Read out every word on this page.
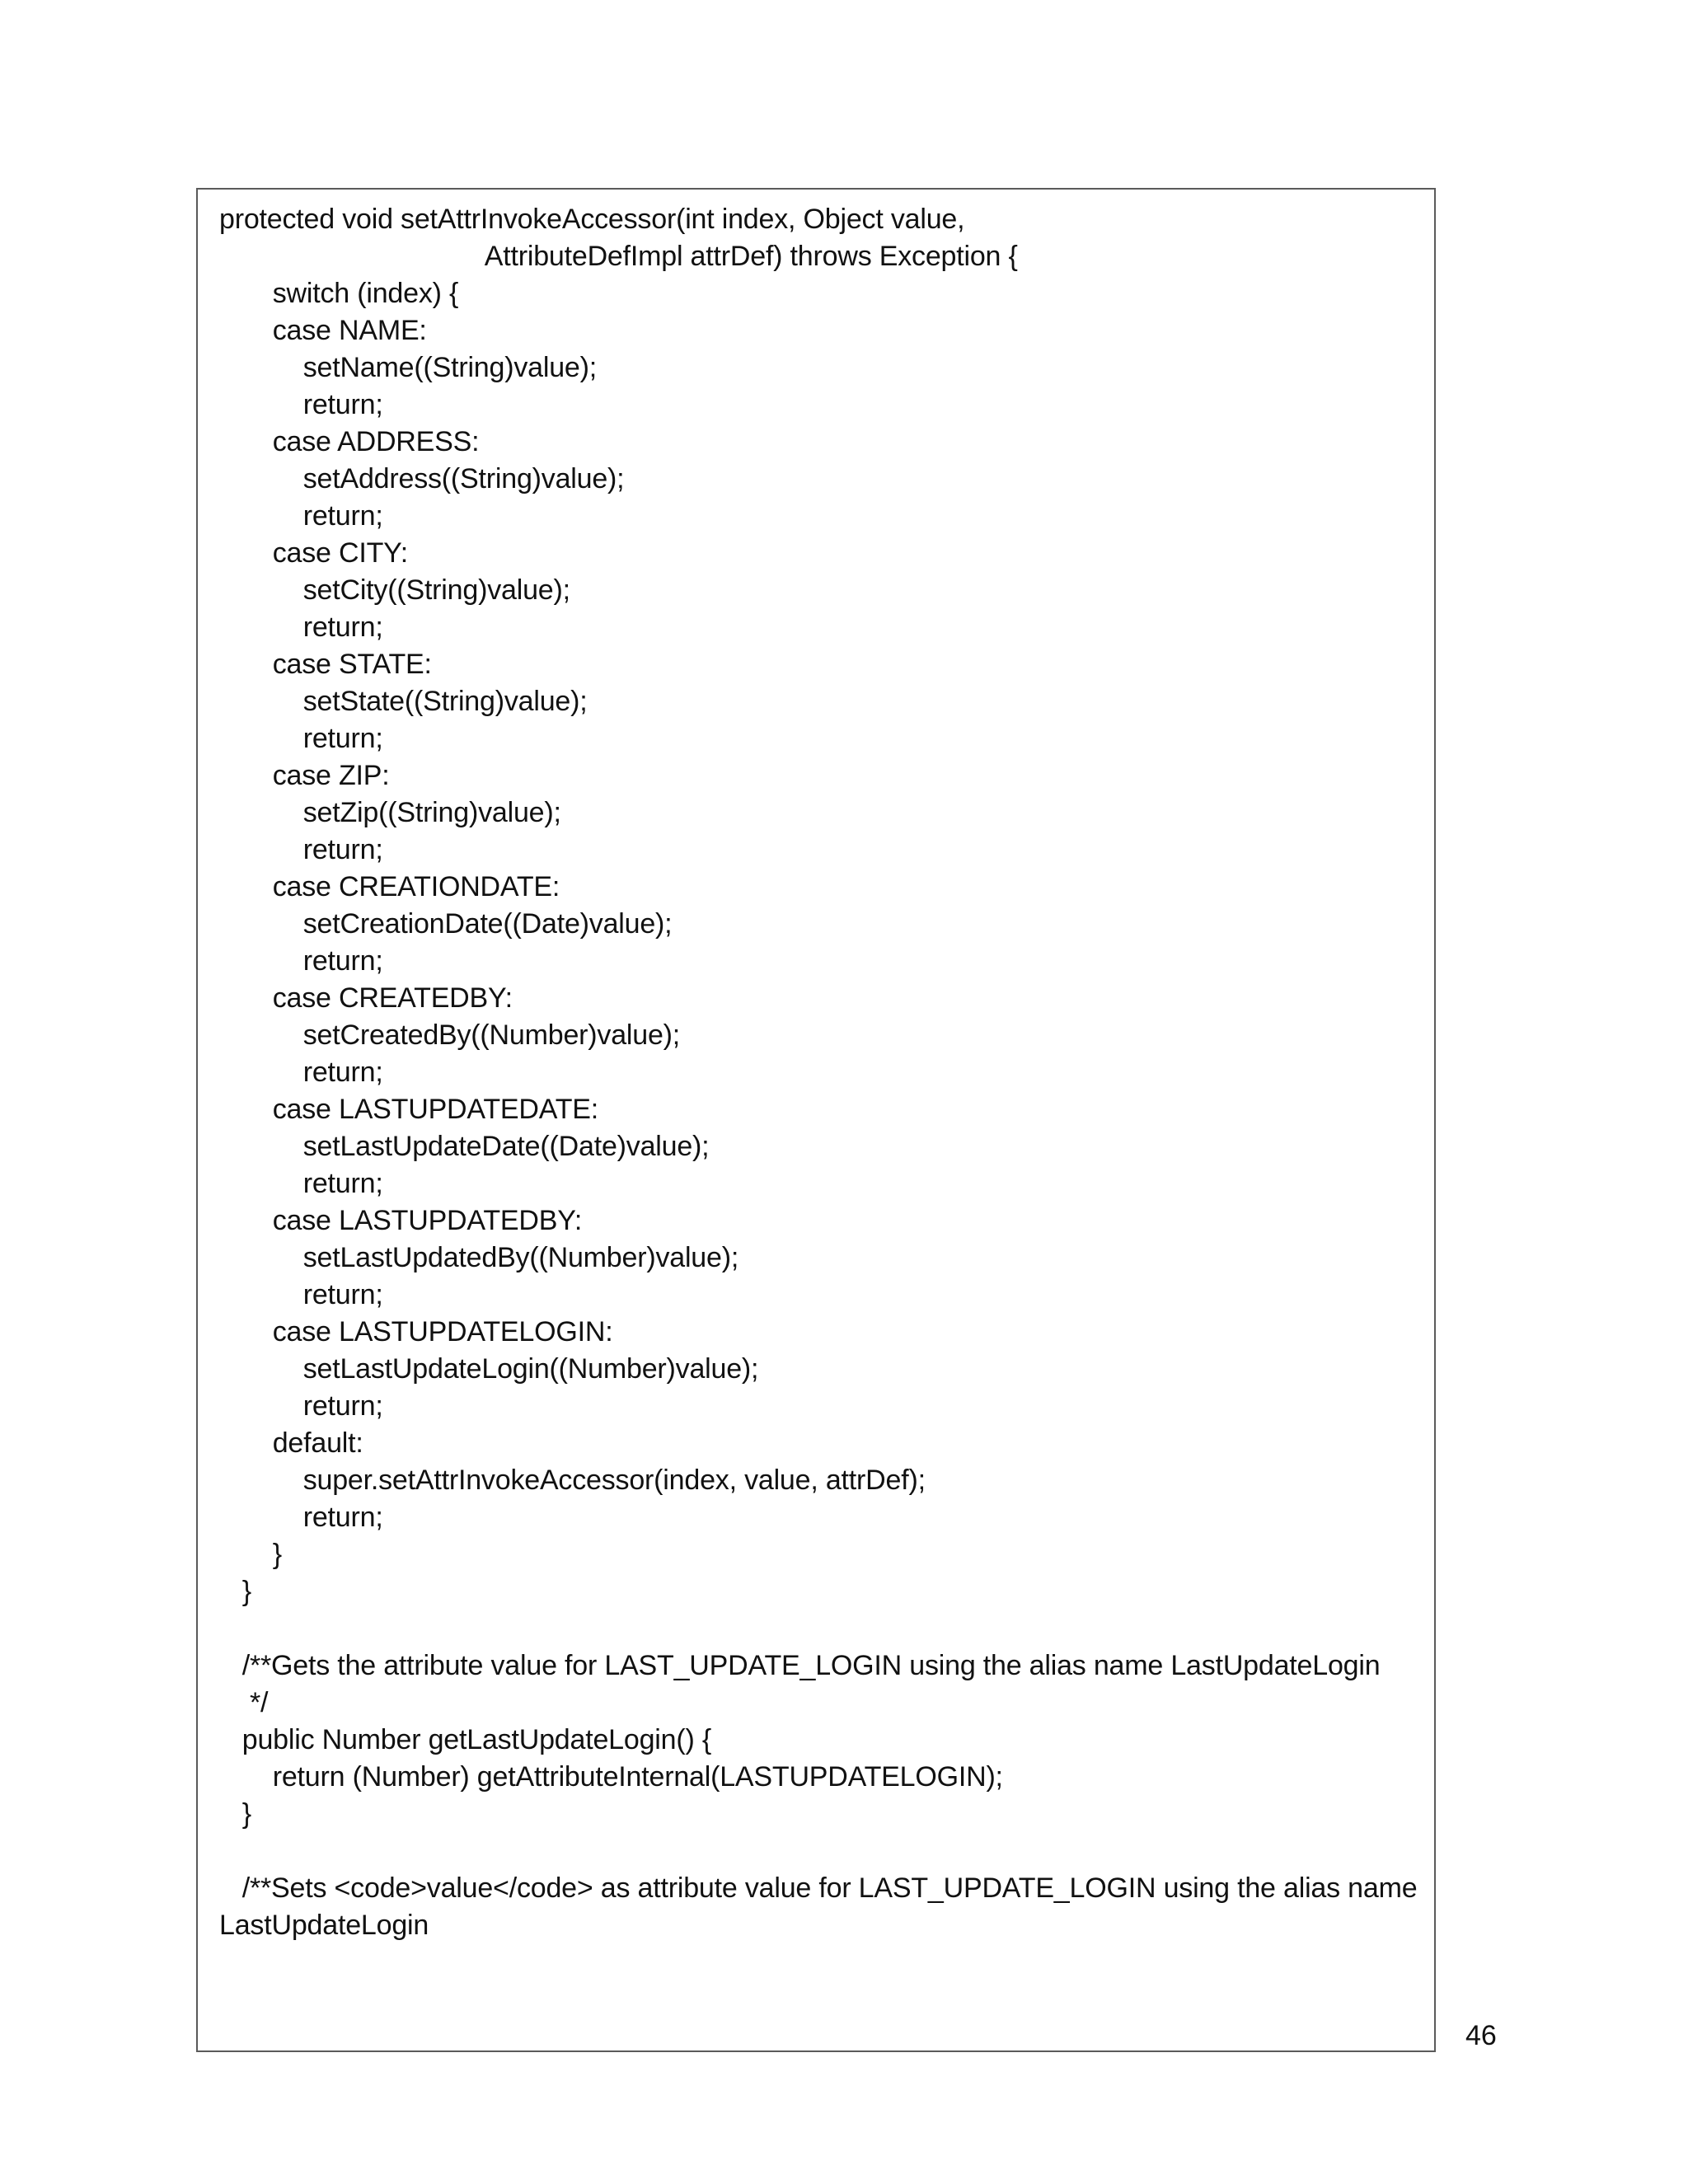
protected void setAttrInvokeAccessor(int index, Object value,
AttributeDefImpl attrDef) throws Exception {
switch (index) {
case NAME:
setName((String)value);
return;
case ADDRESS:
setAddress((String)value);
return;
case CITY:
setCity((String)value);
return;
case STATE:
setState((String)value);
return;
case ZIP:
setZip((String)value);
return;
case CREATIONDATE:
setCreationDate((Date)value);
return;
case CREATEDBY:
setCreatedBy((Number)value);
return;
case LASTUPDATEDATE:
setLastUpdateDate((Date)value);
return;
case LASTUPDATEDBY:
setLastUpdatedBy((Number)value);
return;
case LASTUPDATELOGIN:
setLastUpdateLogin((Number)value);
return;
default:
super.setAttrInvokeAccessor(index, value, attrDef);
return;
}
}
/**Gets the attribute value for LAST_UPDATE_LOGIN using the alias name LastUpdateLogin
*/
public Number getLastUpdateLogin() {
return (Number) getAttributeInternal(LASTUPDATELOGIN);
}
/**Sets <code>value</code> as attribute value for LAST_UPDATE_LOGIN using the alias name
LastUpdateLogin
46
